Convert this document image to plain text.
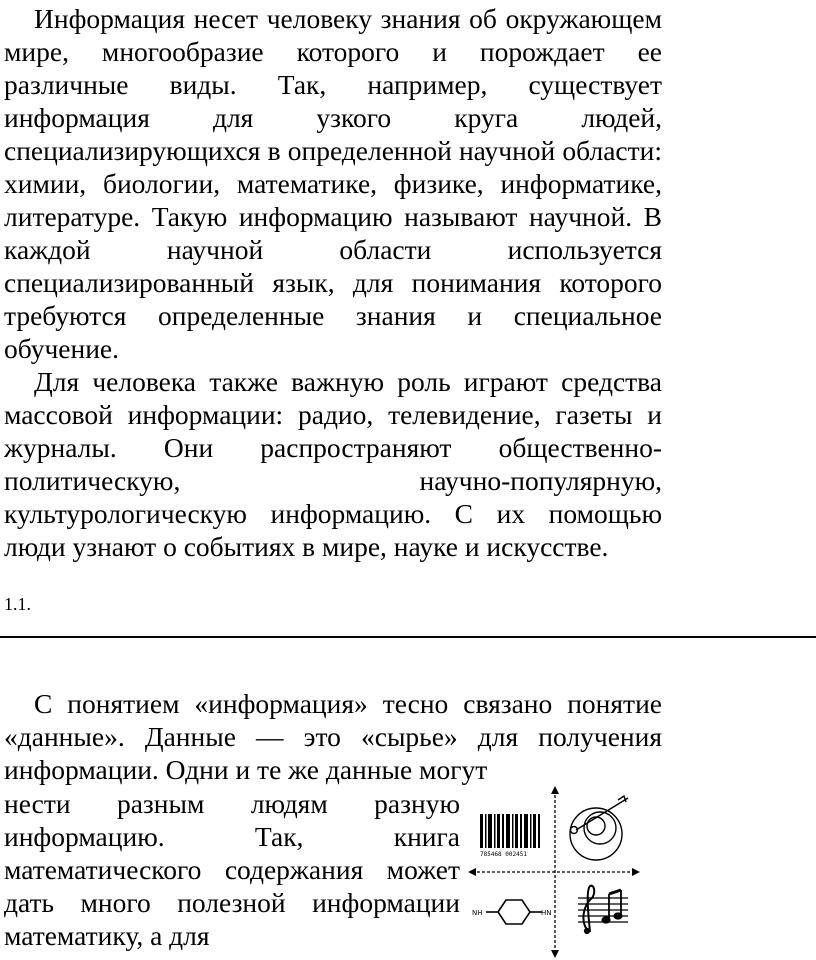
Информация несет человеку знания об окружающем мире, многообразие которого и порождает ее различные виды. Так, например, существует информация для узкого круга людей, специализирующихся в определенной научной области: химии, биологии, математике, физике, информатике, литературе. Такую информацию называют научной. В каждой научной области используется специализированный язык, для понимания которого требуются определенные знания и специальное обучение.

Для человека также важную роль играют средства массовой информации: радио, телевидение, газеты и журналы. Они распространяют общественно-политическую, научно-популярную, культурологическую информацию. С их помощью люди узнают о событиях в мире, науке и искусстве.

1.1.

С понятием «информация» тесно связано понятие «данные». Данные — это «сырье» для получения информации. Одни и те же данные могут

нести разным людям разную информацию. Так, книга математического содержания может дать много полезной информации математику, а для

785468 002451
NH	HN
